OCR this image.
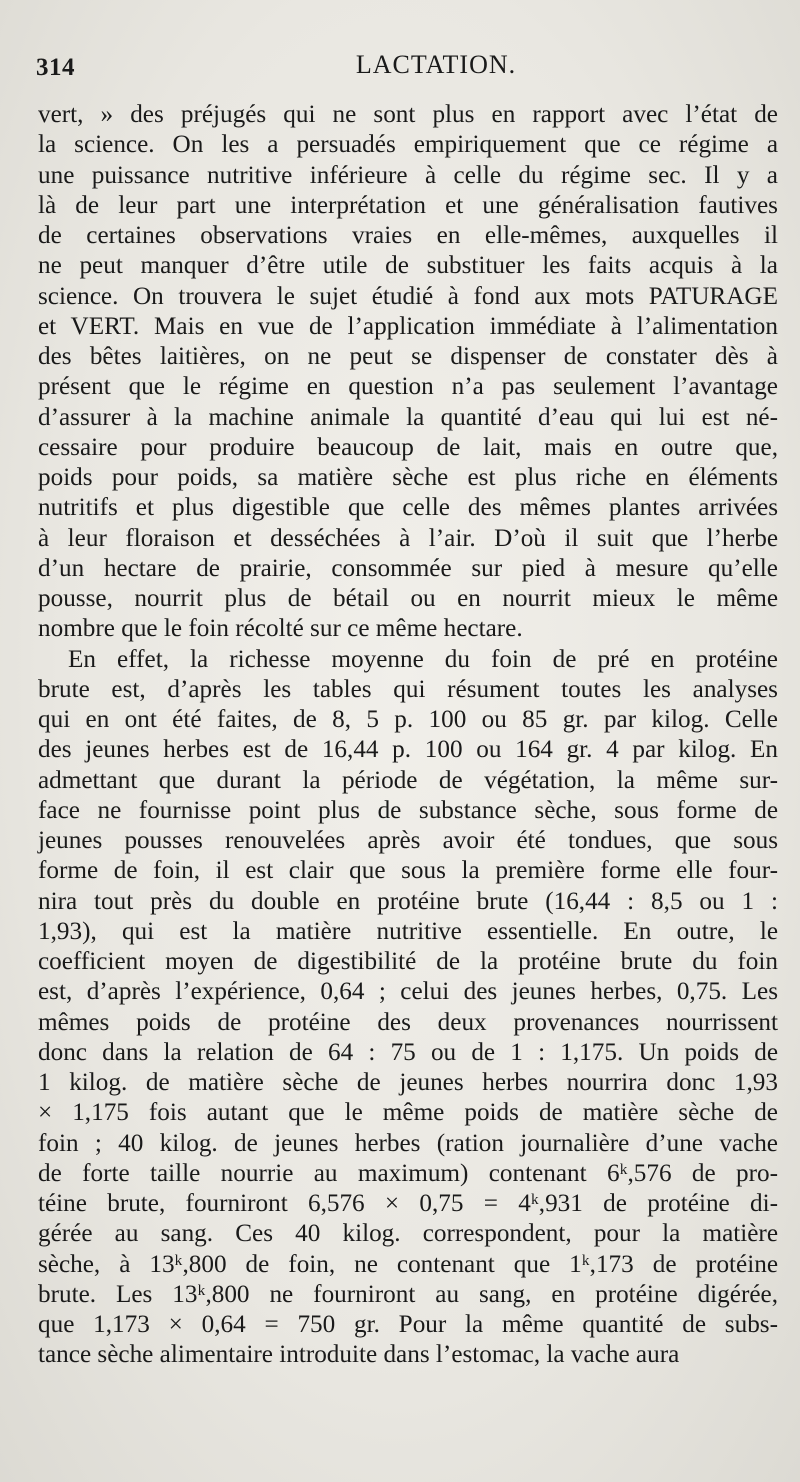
314	LACTATION.
vert, » des préjugés qui ne sont plus en rapport avec l’état de
la science. On les a persuadés empiriquement que ce régime a
une puissance nutritive inférieure à celle du régime sec. Il y a
là de leur part une interprétation et une généralisation fautives
de certaines observations vraies en elle-mêmes, auxquelles il
ne peut manquer d’être utile de substituer les faits acquis à la
science. On trouvera le sujet étudié à fond aux mots PATURAGE
et VERT. Mais en vue de l’application immédiate à l’alimentation
des bêtes laitières, on ne peut se dispenser de constater dès à
présent que le régime en question n’a pas seulement l’avantage
d’assurer à la machine animale la quantité d’eau qui lui est né-
cessaire pour produire beaucoup de lait, mais en outre que,
poids pour poids, sa matière sèche est plus riche en éléments
nutritifs et plus digestible que celle des mêmes plantes arrivées
à leur floraison et desséchées à l’air. D’où il suit que l’herbe
d’un hectare de prairie, consommée sur pied à mesure qu’elle
pousse, nourrit plus de bétail ou en nourrit mieux le même
nombre que le foin récolté sur ce même hectare.
En effet, la richesse moyenne du foin de pré en protéine
brute est, d’après les tables qui résument toutes les analyses
qui en ont été faites, de 8, 5 p. 100 ou 85 gr. par kilog. Celle
des jeunes herbes est de 16,44 p. 100 ou 164 gr. 4 par kilog. En
admettant que durant la période de végétation, la même sur-
face ne fournisse point plus de substance sèche, sous forme de
jeunes pousses renouvelées après avoir été tondues, que sous
forme de foin, il est clair que sous la première forme elle four-
nira tout près du double en protéine brute (16,44 : 8,5 ou 1 :
1,93), qui est la matière nutritive essentielle. En outre, le
coefficient moyen de digestibilité de la protéine brute du foin
est, d’après l’expérience, 0,64 ; celui des jeunes herbes, 0,75. Les
mêmes poids de protéine des deux provenances nourrissent
donc dans la relation de 64 : 75 ou de 1 : 1,175. Un poids de
1 kilog. de matière sèche de jeunes herbes nourrira donc 1,93
× 1,175 fois autant que le même poids de matière sèche de
foin ; 40 kilog. de jeunes herbes (ration journalière d’une vache
de forte taille nourrie au maximum) contenant 6ᵏ,576 de pro-
téine brute, fourniront 6,576 × 0,75 = 4ᵏ,931 de protéine di-
gérée au sang. Ces 40 kilog. correspondent, pour la matière
sèche, à 13ᵏ,800 de foin, ne contenant que 1ᵏ,173 de protéine
brute. Les 13ᵏ,800 ne fourniront au sang, en protéine digérée,
que 1,173 × 0,64 = 750 gr. Pour la même quantité de subs-
tance sèche alimentaire introduite dans l’estomac, la vache aura
